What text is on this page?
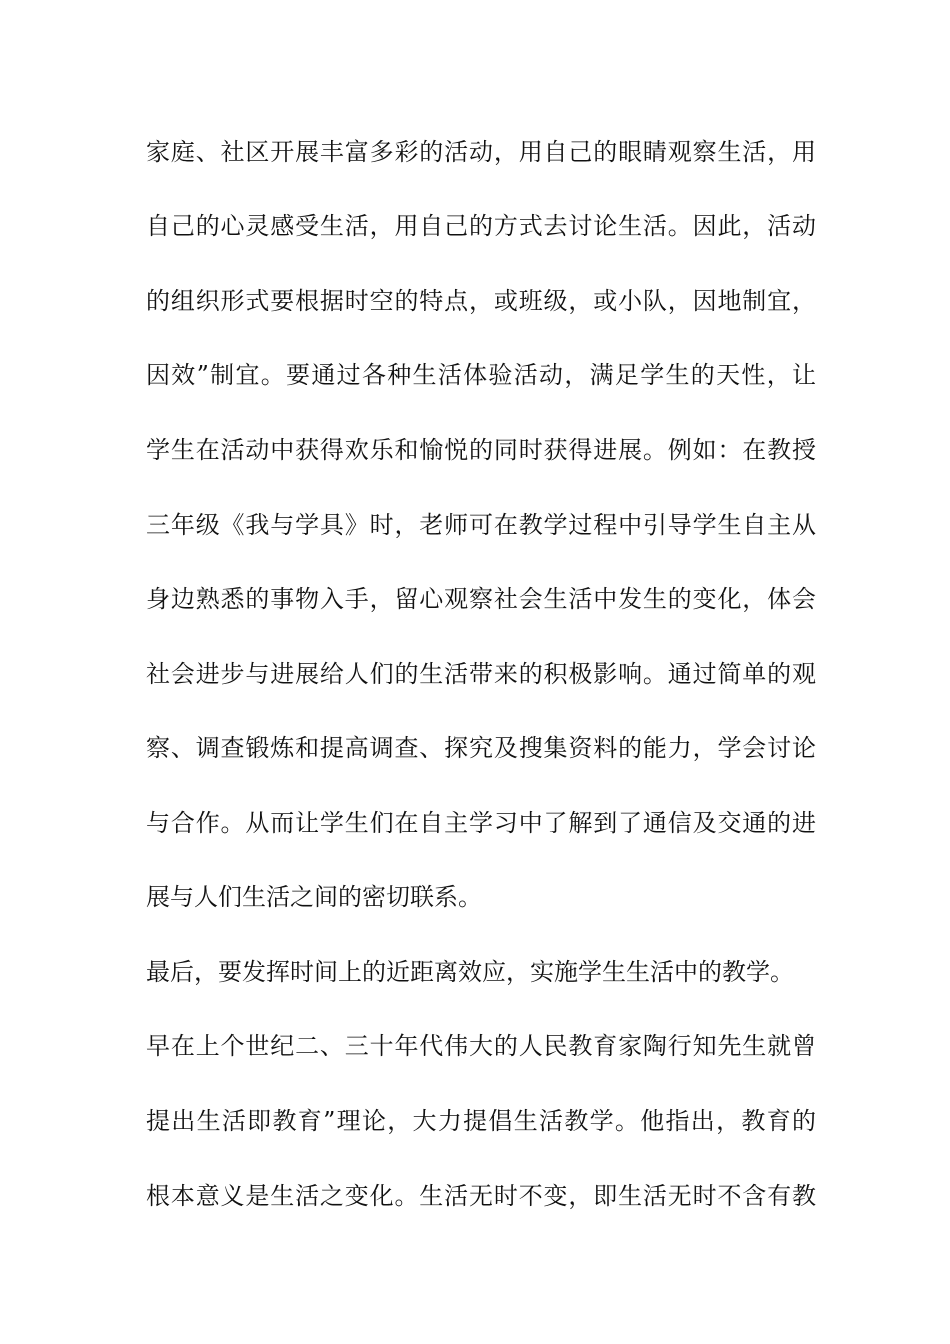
家庭、社区开展丰富多彩的活动，用自己的眼睛观察生活，用
自己的心灵感受生活，用自己的方式去讨论生活。因此，活动
的组织形式要根据时空的特点，或班级，或小队，因地制宜，
因效”制宜。要通过各种生活体验活动，满足学生的天性，让
学生在活动中获得欢乐和愉悦的同时获得进展。例如：在教授
三年级《我与学具》时，老师可在教学过程中引导学生自主从
身边熟悉的事物入手，留心观察社会生活中发生的变化，体会
社会进步与进展给人们的生活带来的积极影响。通过简单的观
察、调查锻炼和提高调查、探究及搜集资料的能力，学会讨论
与合作。从而让学生们在自主学习中了解到了通信及交通的进
展与人们生活之间的密切联系。
最后，要发挥时间上的近距离效应，实施学生生活中的教学。
早在上个世纪二、三十年代伟大的人民教育家陶行知先生就曾
提出生活即教育”理论，大力提倡生活教学。他指出，教育的
根本意义是生活之变化。生活无时不变，即生活无时不含有教
